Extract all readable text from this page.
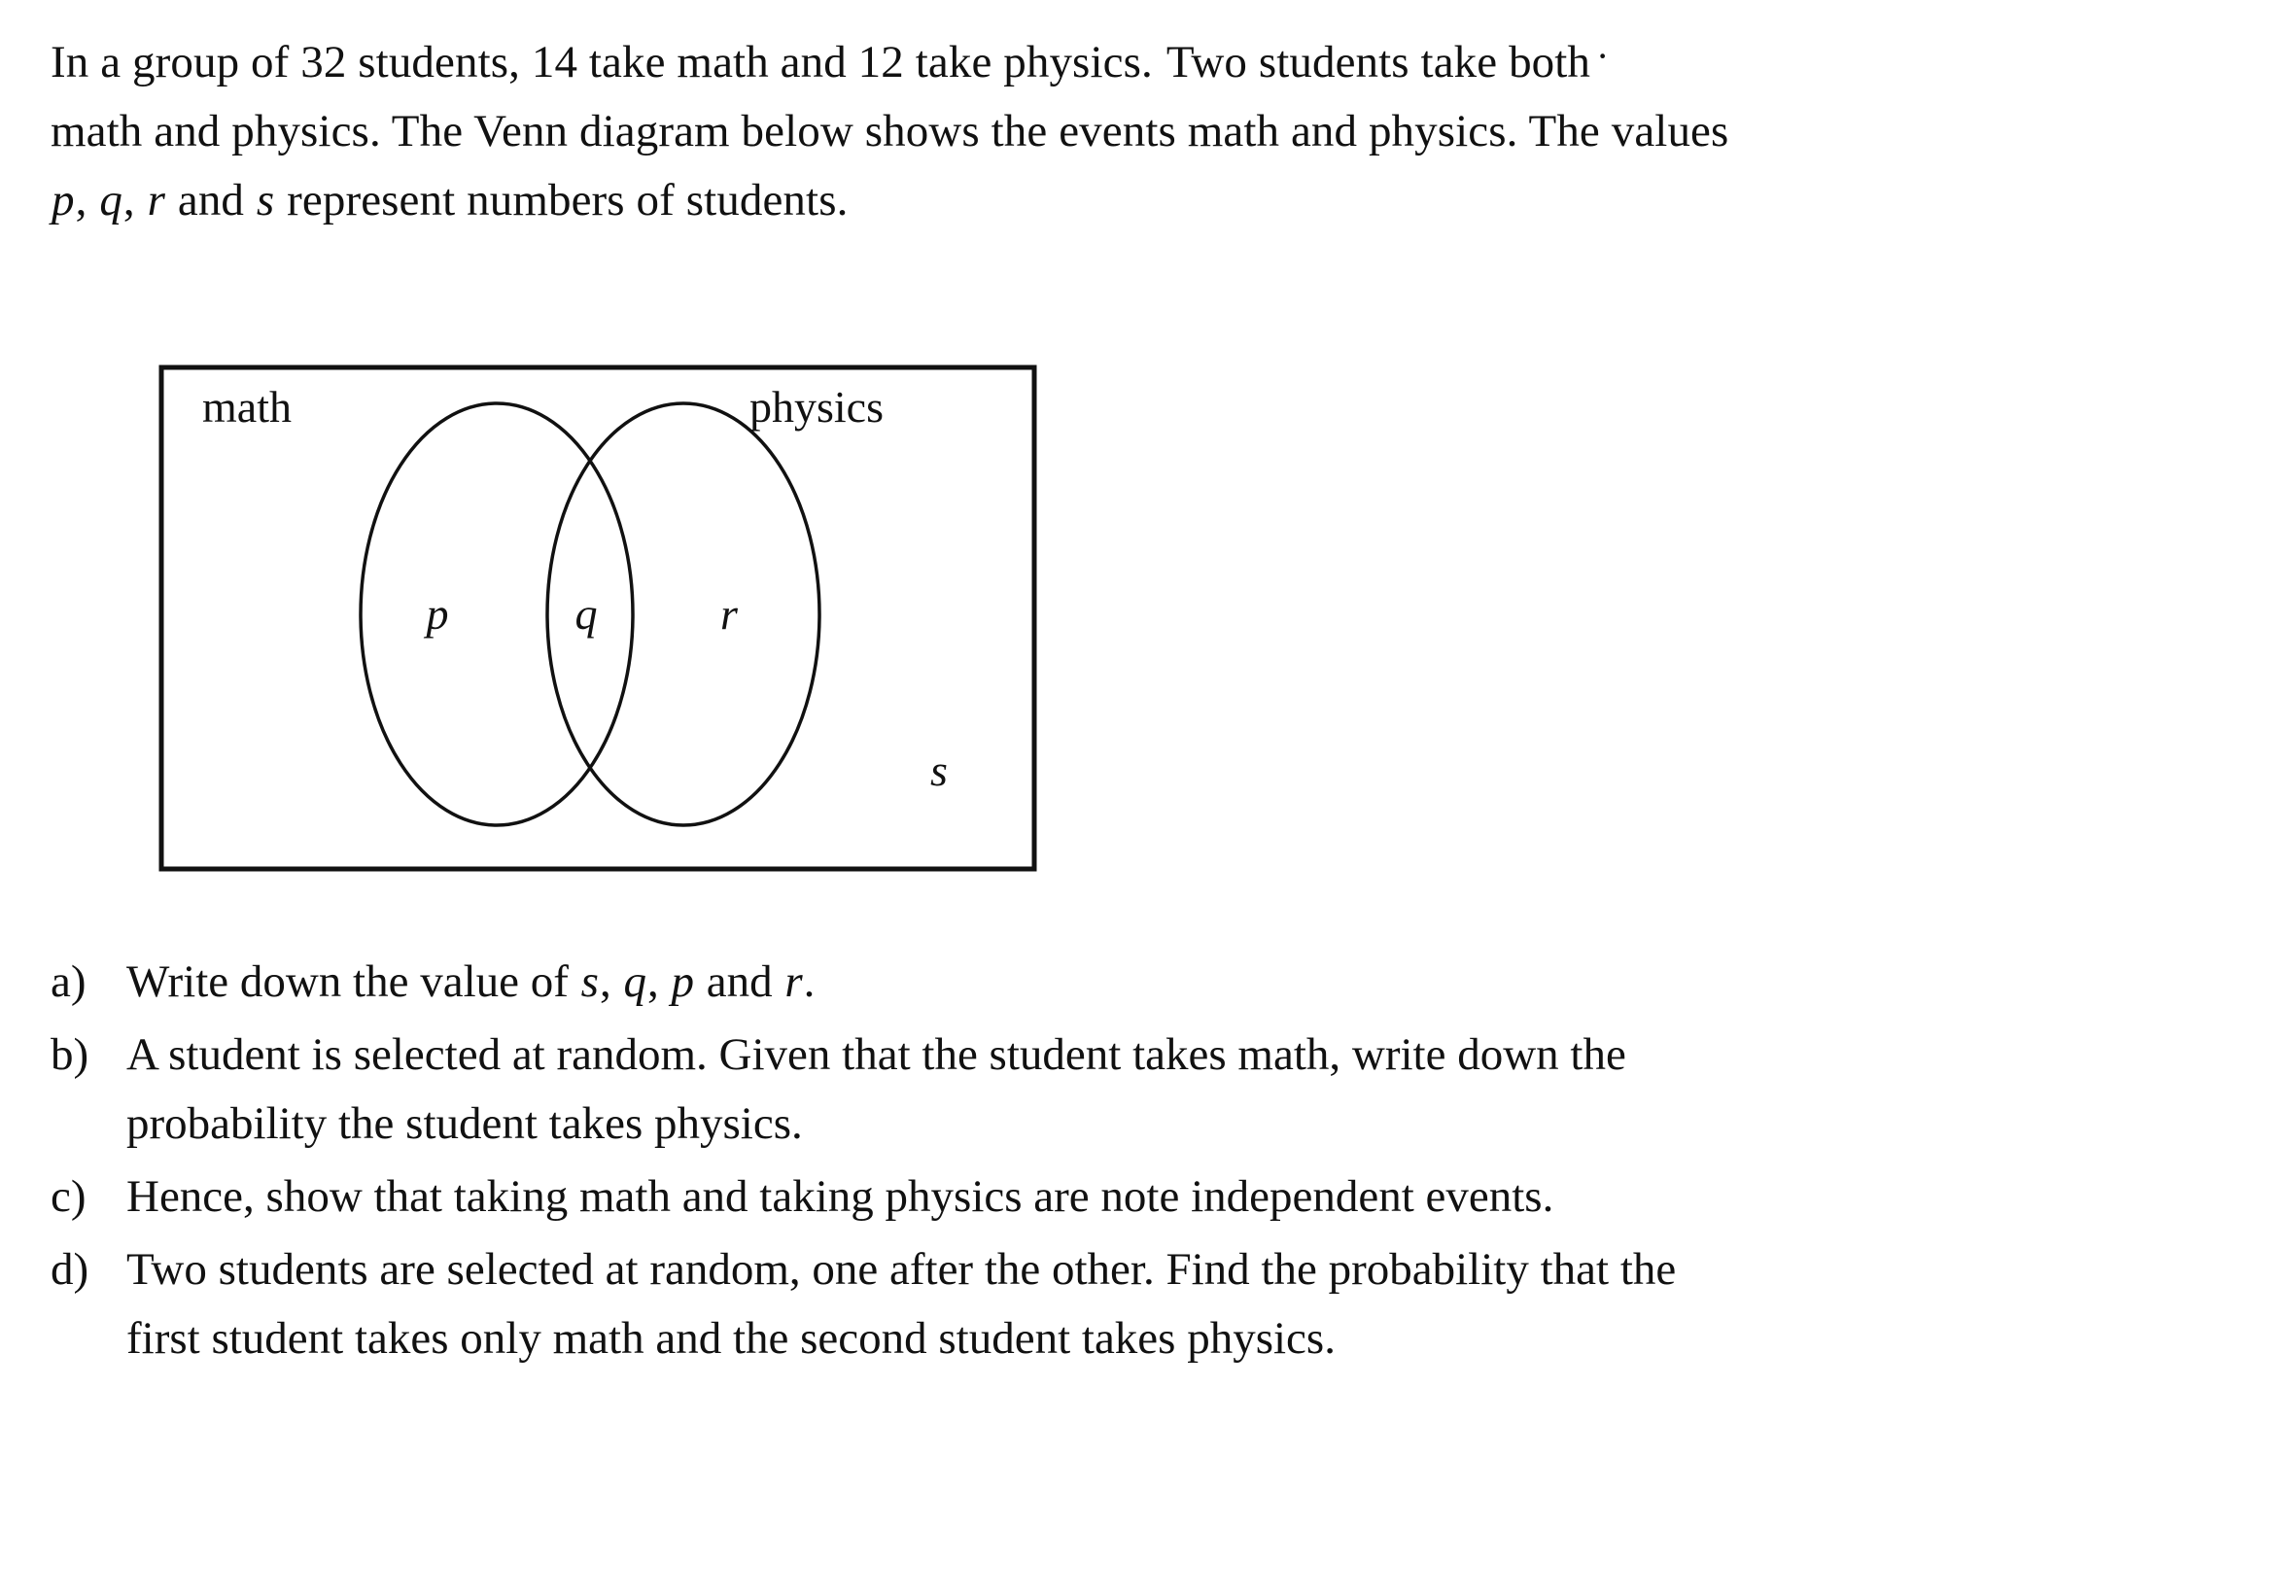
In a group of 32 students, 14 take math and 12 take physics. Two students take both ·
math and physics. The Venn diagram below shows the events math and physics. The values
p, q, r and s represent numbers of students.
math	physics
p	q	r
s
a) Write down the value of s, q, p and r.
b) A student is selected at random. Given that the student takes math, write down the
probability the student takes physics.
c) Hence, show that taking math and taking physics are note independent events.
d) Two students are selected at random, one after the other. Find the probability that the
first student takes only math and the second student takes physics.
